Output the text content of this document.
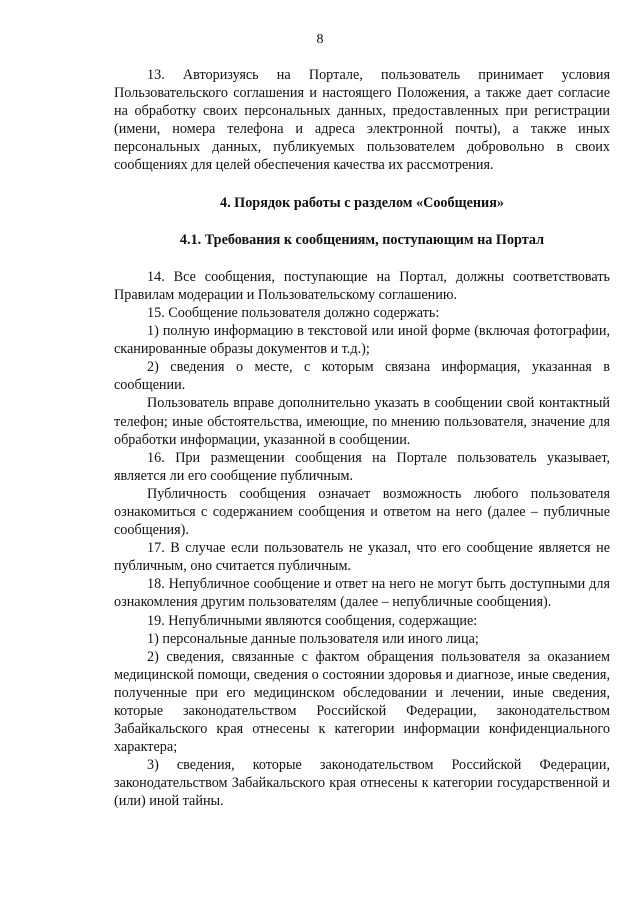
8

13. Авторизуясь на Портале, пользователь принимает условия Пользовательского соглашения и настоящего Положения, а также дает согласие на обработку своих персональных данных, предоставленных при регистрации (имени, номера телефона и адреса электронной почты), а также иных персональных данных, публикуемых пользователем добровольно в своих сообщениях для целей обеспечения качества их рассмотрения.

4. Порядок работы с разделом «Сообщения»

4.1. Требования к сообщениям, поступающим на Портал

14. Все сообщения, поступающие на Портал, должны соответствовать Правилам модерации и Пользовательскому соглашению.

15. Сообщение пользователя должно содержать:

1) полную информацию в текстовой или иной форме (включая фотографии, сканированные образы документов и т.д.);

2) сведения о месте, с которым связана информация, указанная в сообщении.

Пользователь вправе дополнительно указать в сообщении свой контактный телефон; иные обстоятельства, имеющие, по мнению пользователя, значение для обработки информации, указанной в сообщении.

16. При размещении сообщения на Портале пользователь указывает, является ли его сообщение публичным.

Публичность сообщения означает возможность любого пользователя ознакомиться с содержанием сообщения и ответом на него (далее – публичные сообщения).

17. В случае если пользователь не указал, что его сообщение является не публичным, оно считается публичным.

18. Непубличное сообщение и ответ на него не могут быть доступными для ознакомления другим пользователям (далее – непубличные сообщения).

19. Непубличными являются сообщения, содержащие:

1) персональные данные пользователя или иного лица;

2) сведения, связанные с фактом обращения пользователя за оказанием медицинской помощи, сведения о состоянии здоровья и диагнозе, иные сведения, полученные при его медицинском обследовании и лечении, иные сведения, которые законодательством Российской Федерации, законодательством Забайкальского края отнесены к категории информации конфиденциального характера;

3) сведения, которые законодательством Российской Федерации, законодательством Забайкальского края отнесены к категории государственной и (или) иной тайны.
